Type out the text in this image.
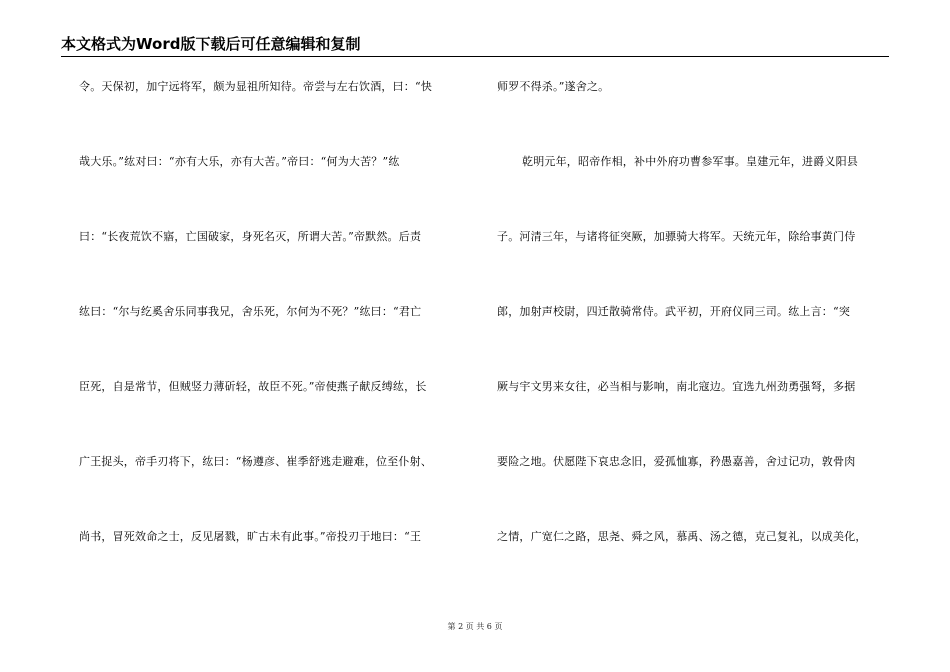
本文格式为Word版下载后可任意编辑和复制
令。天保初，加宁远将军，颇为显祖所知待。帝尝与左右饮酒，曰：“快
哉大乐。”纮对曰：“亦有大乐，亦有大苦。”帝曰：“何为大苦？”纮
曰：“长夜荒饮不寤，亡国破家，身死名灭，所谓大苦。”帝默然。后责
纮曰：“尔与纥奚舍乐同事我兄，舍乐死，尔何为不死？”纮曰：“君亡
臣死，自是常节，但贼竖力薄斫轻，故臣不死。”帝使燕子献反缚纮，长
广王捉头，帝手刃将下，纮曰：“杨遵彦、崔季舒逃走避难，位至仆射、
尚书，冒死效命之士，反见屠戮，旷古未有此事。”帝投刃于地曰：“王
师罗不得杀。”遂舍之。
乾明元年，昭帝作相，补中外府功曹参军事。皇建元年，进爵义阳县
子。河清三年，与诸将征突厥，加骠骑大将军。天统元年，除给事黄门侍
郎，加射声校尉，四迁散骑常侍。武平初，开府仪同三司。纮上言：“突
厥与宇文男来女往，必当相与影响，南北寇边。宜选九州劲勇强弩，多据
要险之地。伏愿陛下哀忠念旧，爱孤恤寡，矜愚嘉善，舍过记功，敦骨肉
之情，广宽仁之路，思尧、舜之风，慕禹、汤之德，克己复礼，以成美化，
第 2 页 共 6 页
